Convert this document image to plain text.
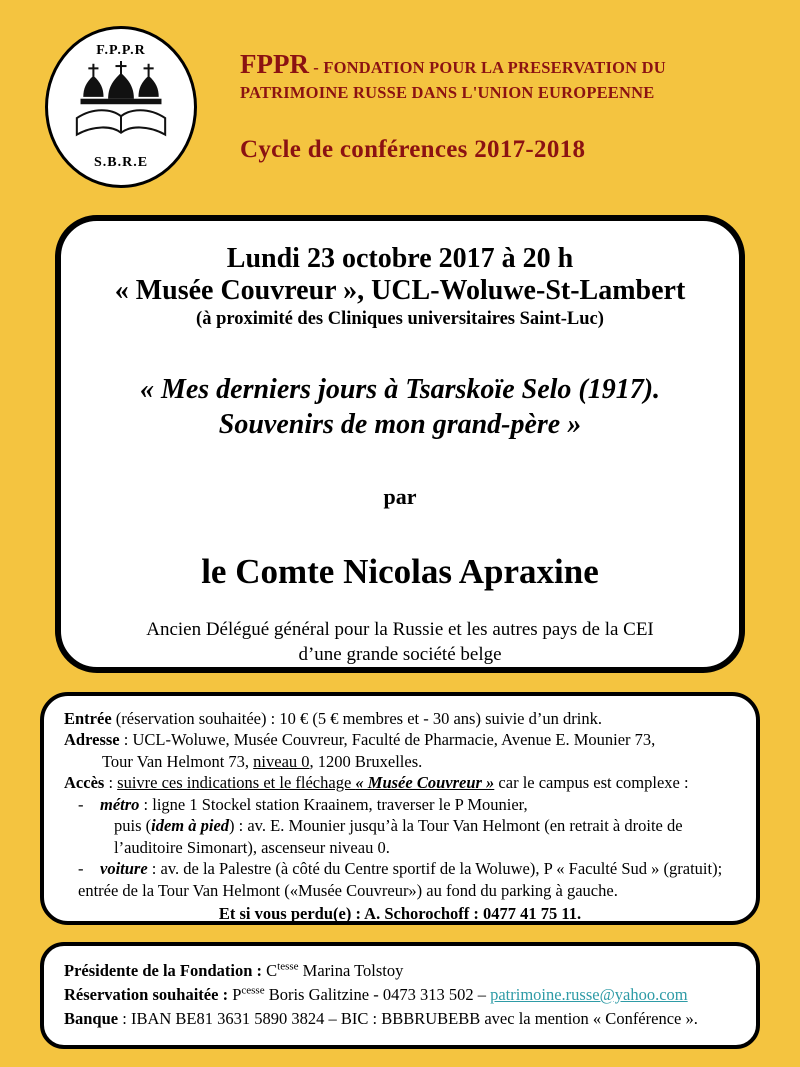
F.P.P.R
S.B.R.E
FPPR - FONDATION POUR LA PRESERVATION DU
PATRIMOINE RUSSE DANS L'UNION EUROPEENNE
Cycle de conférences 2017-2018
Lundi 23 octobre 2017 à 20 h
« Musée Couvreur », UCL-Woluwe-St-Lambert
(à proximité des Cliniques universitaires Saint-Luc)
« Mes derniers jours à Tsarskoïe Selo (1917).
Souvenirs de mon grand-père »
par
le Comte Nicolas Apraxine
Ancien Délégué général pour la Russie et les autres pays de la CEI
d’une grande société belge
Entrée (réservation souhaitée) : 10 € (5 € membres et - 30 ans) suivie d’un drink.
Adresse : UCL-Woluwe, Musée Couvreur, Faculté de Pharmacie, Avenue E. Mounier 73,
Tour Van Helmont 73, niveau 0, 1200 Bruxelles.
Accès : suivre ces indications et le fléchage « Musée Couvreur » car le campus est complexe :
- métro : ligne 1 Stockel station Kraainem, traverser le P Mounier,
puis (idem à pied) : av. E. Mounier jusqu’à la Tour Van Helmont (en retrait à droite de l’auditoire Simonart), ascenseur niveau 0.
- voiture : av. de la Palestre (à côté du Centre sportif de la Woluwe), P « Faculté Sud » (gratuit); entrée de la Tour Van Helmont («Musée Couvreur») au fond du parking à gauche.
Et si vous perdu(e) : A. Schorochoff : 0477 41 75 11.
Présidente de la Fondation : $C^{tesse}$ Marina Tolstoy
Réservation souhaitée : $P^{cesse}$ Boris Galitzine - 0473 313 502 – patrimoine.russe@yahoo.com
Banque : IBAN BE81 3631 5890 3824 – BIC : BBBRUBEBB avec la mention « Conférence ».
